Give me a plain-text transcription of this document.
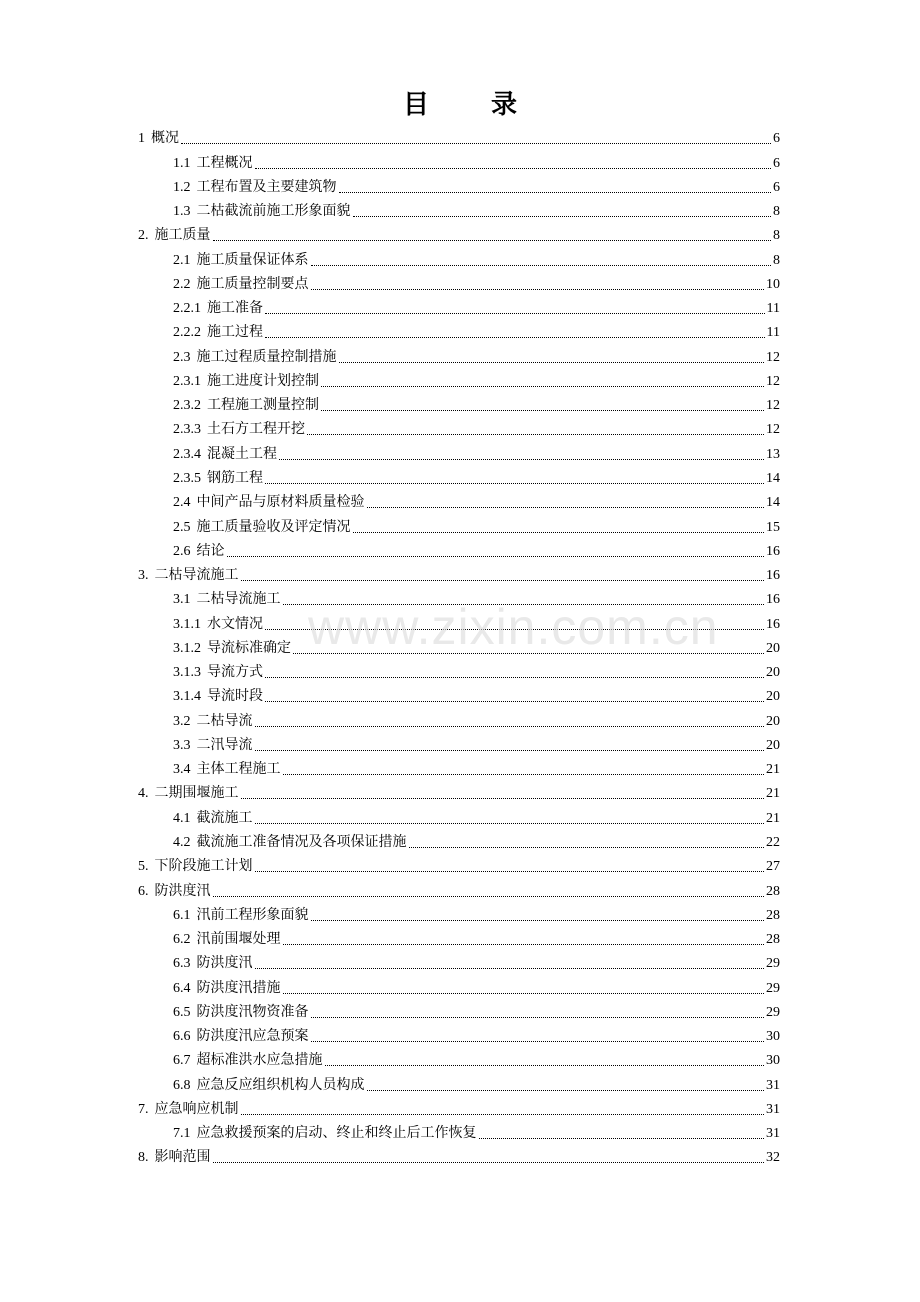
目 录
1 概况	6
1.1 工程概况	6
1.2 工程布置及主要建筑物	6
1.3 二枯截流前施工形象面貌	8
2. 施工质量	8
2.1 施工质量保证体系	8
2.2 施工质量控制要点	10
2.2.1 施工准备	11
2.2.2 施工过程	11
2.3 施工过程质量控制措施	12
2.3.1 施工进度计划控制	12
2.3.2 工程施工测量控制	12
2.3.3 土石方工程开挖	12
2.3.4 混凝土工程	13
2.3.5 钢筋工程	14
2.4 中间产品与原材料质量检验	14
2.5 施工质量验收及评定情况	15
2.6 结论	16
3. 二枯导流施工	16
3.1 二枯导流施工	16
3.1.1 水文情况	16
3.1.2 导流标准确定	20
3.1.3 导流方式	20
3.1.4 导流时段	20
3.2 二枯导流	20
3.3 二汛导流	20
3.4 主体工程施工	21
4. 二期围堰施工	21
4.1 截流施工	21
4.2 截流施工准备情况及各项保证措施	22
5. 下阶段施工计划	27
6. 防洪度汛	28
6.1 汛前工程形象面貌	28
6.2 汛前围堰处理	28
6.3 防洪度汛	29
6.4 防洪度汛措施	29
6.5 防洪度汛物资准备	29
6.6 防洪度汛应急预案	30
6.7 超标准洪水应急措施	30
6.8 应急反应组织机构人员构成	31
7. 应急响应机制	31
7.1 应急救援预案的启动、终止和终止后工作恢复	31
8. 影响范围	32
www.zixin.com.cn
